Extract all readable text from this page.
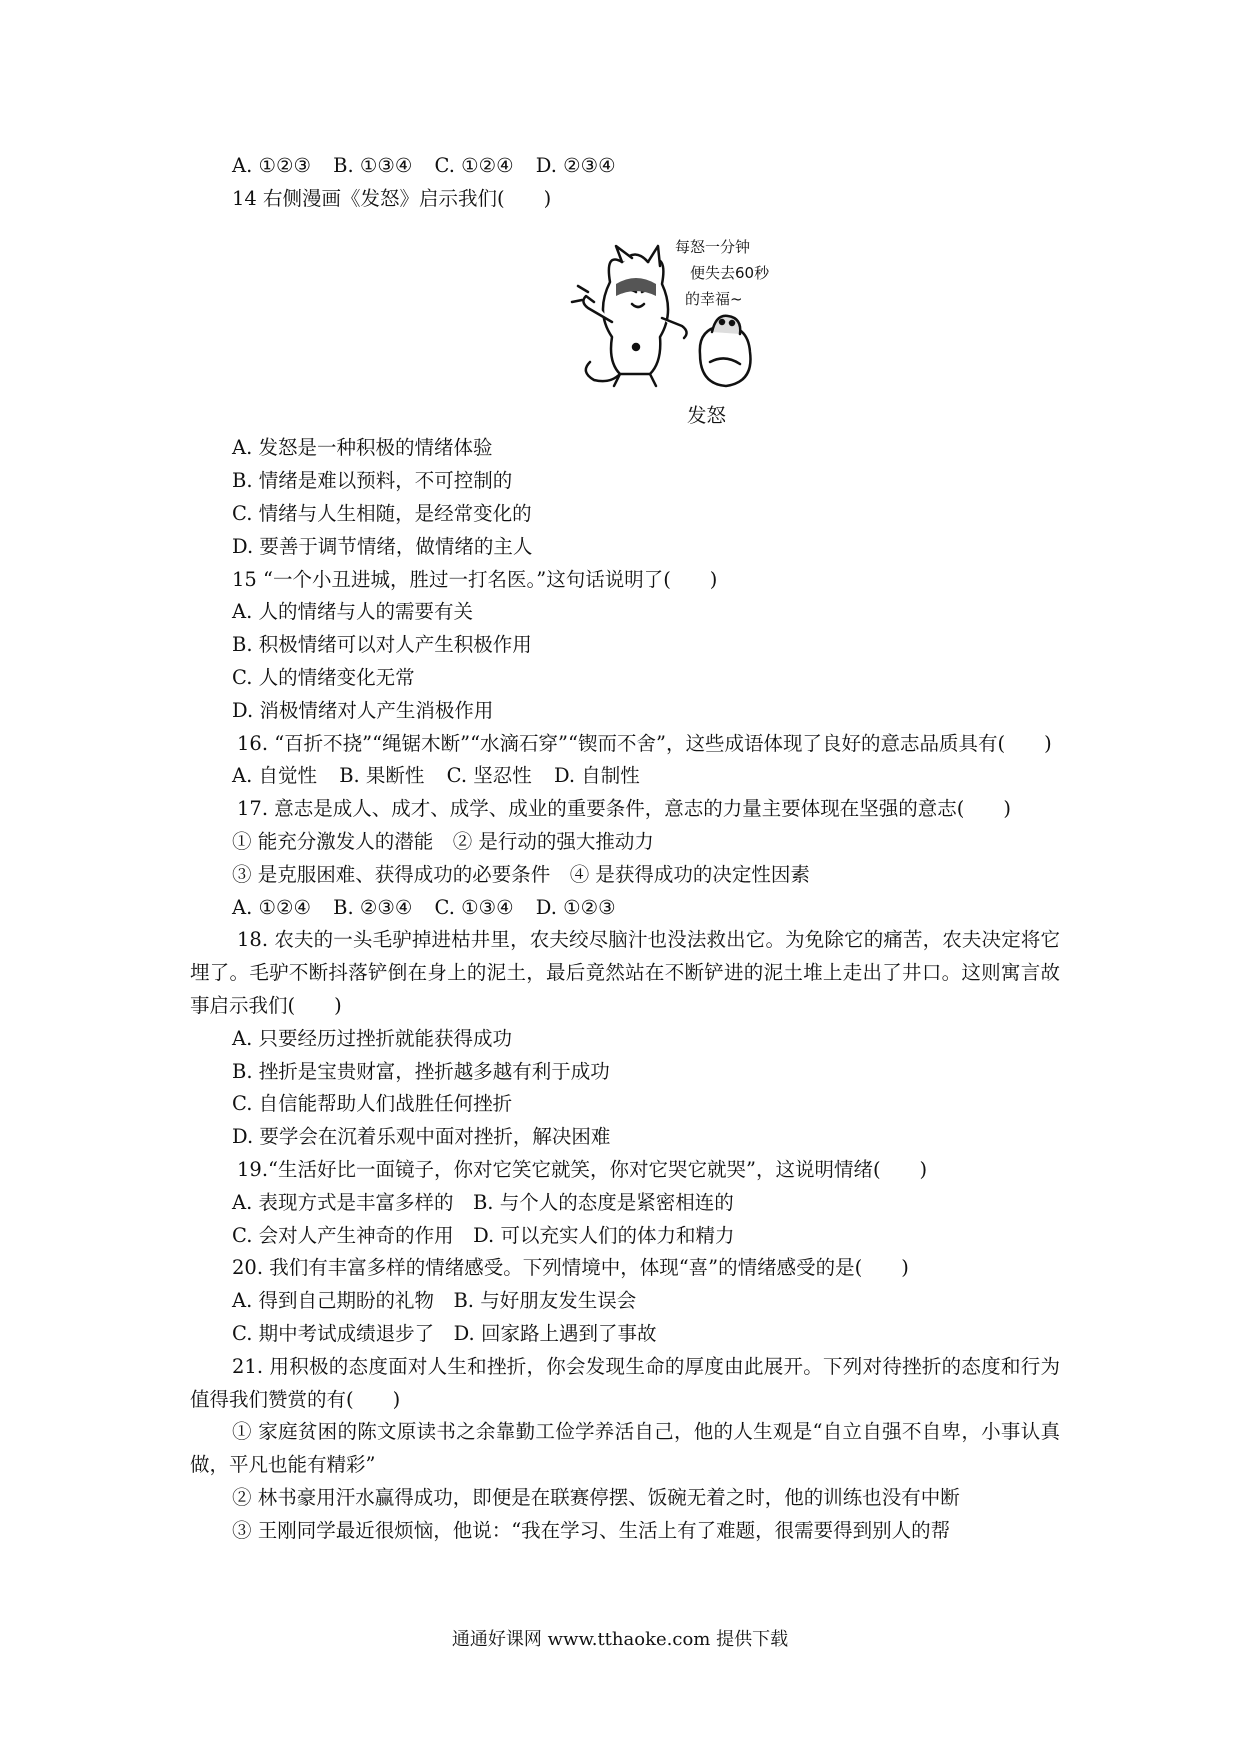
A. ①②③ B. ①③④ C. ①②④ D. ②③④
14 右侧漫画《发怒》启示我们(　　)
每怒一分钟
便失去60秒
的幸福~
发怒
A. 发怒是一种积极的情绪体验
B. 情绪是难以预料，不可控制的
C. 情绪与人生相随，是经常变化的
D. 要善于调节情绪，做情绪的主人
15 “一个小丑进城，胜过一打名医。”这句话说明了(　　)
A. 人的情绪与人的需要有关
B. 积极情绪可以对人产生积极作用
C. 人的情绪变化无常
D. 消极情绪对人产生消极作用
16. “百折不挠”“绳锯木断”“水滴石穿”“锲而不舍”，这些成语体现了良好的意志品质具有(　　)
A. 自觉性 B. 果断性 C. 坚忍性 D. 自制性
17. 意志是成人、成才、成学、成业的重要条件，意志的力量主要体现在坚强的意志(　　)
① 能充分激发人的潜能　② 是行动的强大推动力
③ 是克服困难、获得成功的必要条件　④ 是获得成功的决定性因素
A. ①②④ B. ②③④ C. ①③④ D. ①②③
18. 农夫的一头毛驴掉进枯井里，农夫绞尽脑汁也没法救出它。为免除它的痛苦，农夫决定将它埋了。毛驴不断抖落铲倒在身上的泥土，最后竟然站在不断铲进的泥土堆上走出了井口。这则寓言故事启示我们(　　)
A. 只要经历过挫折就能获得成功
B. 挫折是宝贵财富，挫折越多越有利于成功
C. 自信能帮助人们战胜任何挫折
D. 要学会在沉着乐观中面对挫折，解决困难
19.“生活好比一面镜子，你对它笑它就笑，你对它哭它就哭”，这说明情绪(　　)
A. 表现方式是丰富多样的　B. 与个人的态度是紧密相连的
C. 会对人产生神奇的作用　D. 可以充实人们的体力和精力
20. 我们有丰富多样的情绪感受。下列情境中，体现“喜”的情绪感受的是(　　)
A. 得到自己期盼的礼物　B. 与好朋友发生误会
C. 期中考试成绩退步了　D. 回家路上遇到了事故
21. 用积极的态度面对人生和挫折，你会发现生命的厚度由此展开。下列对待挫折的态度和行为值得我们赞赏的有(　　)
① 家庭贫困的陈文原读书之余靠勤工俭学养活自己，他的人生观是“自立自强不自卑，小事认真做，平凡也能有精彩”
② 林书豪用汗水赢得成功，即便是在联赛停摆、饭碗无着之时，他的训练也没有中断
③ 王刚同学最近很烦恼，他说：“我在学习、生活上有了难题，很需要得到别人的帮
通通好课网 www.tthaoke.com 提供下载
